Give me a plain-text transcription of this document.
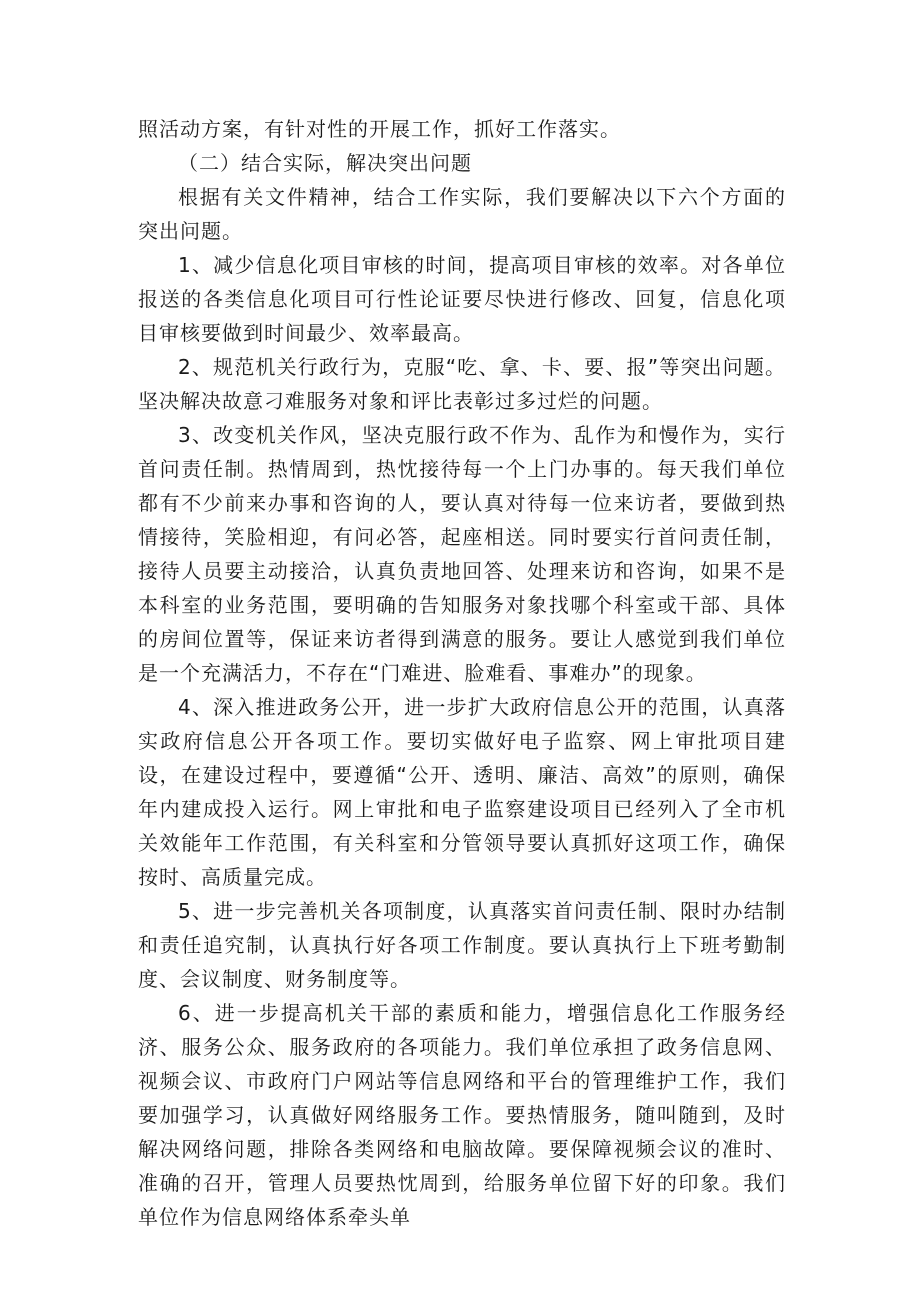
照活动方案，有针对性的开展工作，抓好工作落实。

（二）结合实际，解决突出问题

根据有关文件精神，结合工作实际，我们要解决以下六个方面的突出问题。

1、减少信息化项目审核的时间，提高项目审核的效率。对各单位报送的各类信息化项目可行性论证要尽快进行修改、回复，信息化项目审核要做到时间最少、效率最高。

2、规范机关行政行为，克服“吃、拿、卡、要、报”等突出问题。坚决解决故意刁难服务对象和评比表彰过多过烂的问题。

3、改变机关作风，坚决克服行政不作为、乱作为和慢作为，实行首问责任制。热情周到，热忱接待每一个上门办事的。每天我们单位都有不少前来办事和咨询的人，要认真对待每一位来访者，要做到热情接待，笑脸相迎，有问必答，起座相送。同时要实行首问责任制，接待人员要主动接洽，认真负责地回答、处理来访和咨询，如果不是本科室的业务范围，要明确的告知服务对象找哪个科室或干部、具体的房间位置等，保证来访者得到满意的服务。要让人感觉到我们单位是一个充满活力，不存在“门难进、脸难看、事难办”的现象。

4、深入推进政务公开，进一步扩大政府信息公开的范围，认真落实政府信息公开各项工作。要切实做好电子监察、网上审批项目建设，在建设过程中，要遵循“公开、透明、廉洁、高效”的原则，确保年内建成投入运行。网上审批和电子监察建设项目已经列入了全市机关效能年工作范围，有关科室和分管领导要认真抓好这项工作，确保按时、高质量完成。

5、进一步完善机关各项制度，认真落实首问责任制、限时办结制和责任追究制，认真执行好各项工作制度。要认真执行上下班考勤制度、会议制度、财务制度等。

6、进一步提高机关干部的素质和能力，增强信息化工作服务经济、服务公众、服务政府的各项能力。我们单位承担了政务信息网、视频会议、市政府门户网站等信息网络和平台的管理维护工作，我们要加强学习，认真做好网络服务工作。要热情服务，随叫随到，及时解决网络问题，排除各类网络和电脑故障。要保障视频会议的准时、准确的召开，管理人员要热忱周到，给服务单位留下好的印象。我们单位作为信息网络体系牵头单
